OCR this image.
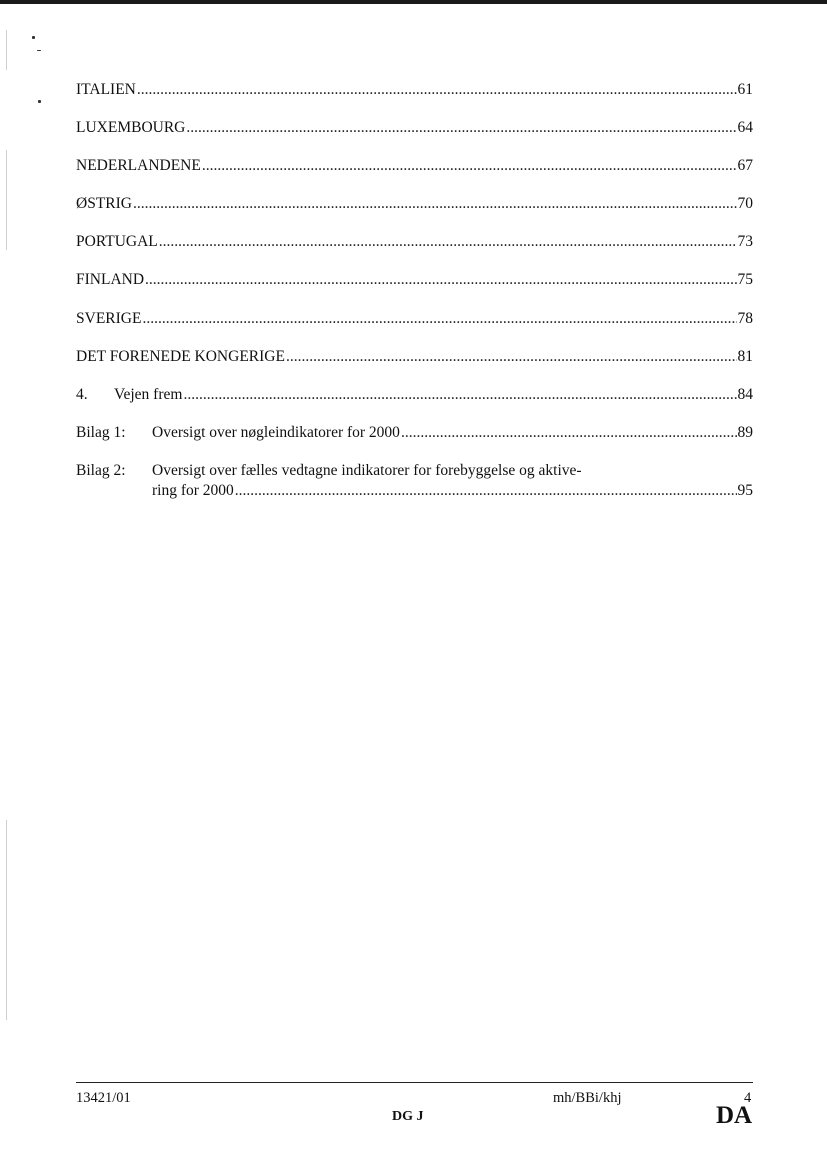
ITALIEN .....	61
LUXEMBOURG .....	64
NEDERLANDENE .....	67
ØSTRIG .....	70
PORTUGAL .....	73
FINLAND .....	75
SVERIGE .....	78
DET FORENEDE KONGERIGE .....	81
4. Vejen frem .....	84
Bilag 1:	Oversigt over nøgleindikatorer for 2000 .....	89
Bilag 2: Oversigt over fælles vedtagne indikatorer for forebyggelse og aktive-
ring for 2000 .....	95
13421/01	mh/BBi/khj	4
DG J	DA
